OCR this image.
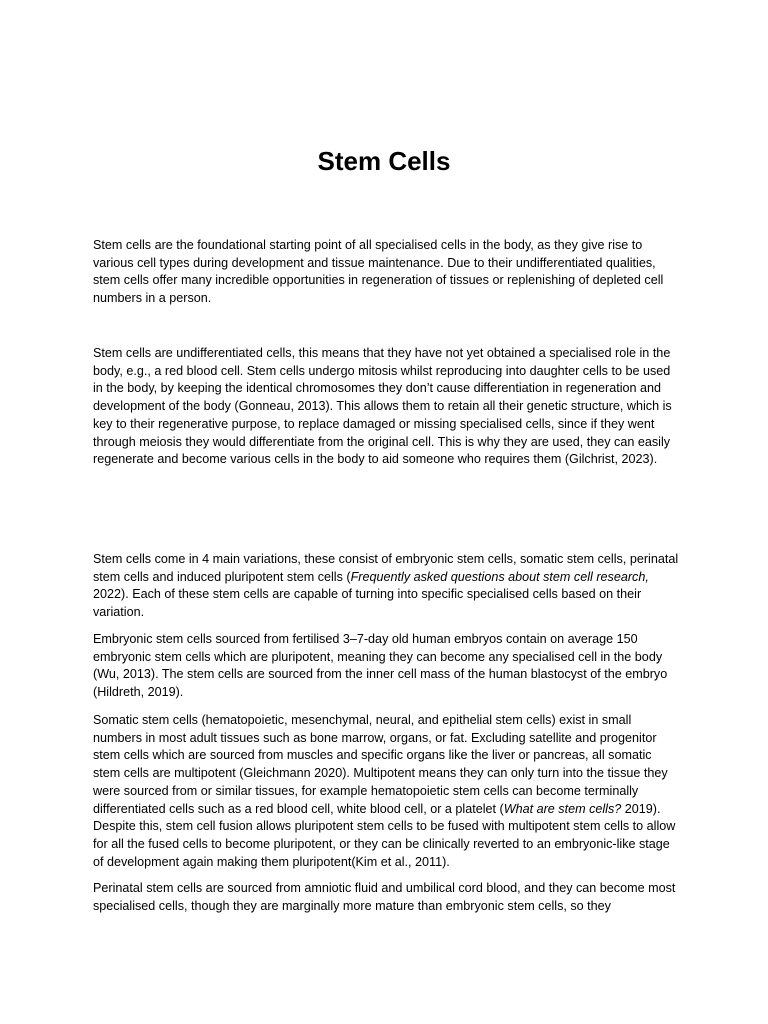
Stem Cells

Stem cells are the foundational starting point of all specialised cells in the body, as they give rise to various cell types during development and tissue maintenance. Due to their undifferentiated qualities, stem cells offer many incredible opportunities in regeneration of tissues or replenishing of depleted cell numbers in a person.

Stem cells are undifferentiated cells, this means that they have not yet obtained a specialised role in the body, e.g., a red blood cell. Stem cells undergo mitosis whilst reproducing into daughter cells to be used in the body, by keeping the identical chromosomes they don’t cause differentiation in regeneration and development of the body (Gonneau, 2013). This allows them to retain all their genetic structure, which is key to their regenerative purpose, to replace damaged or missing specialised cells, since if they went through meiosis they would differentiate from the original cell. This is why they are used, they can easily regenerate and become various cells in the body to aid someone who requires them (Gilchrist, 2023).

Stem cells come in 4 main variations, these consist of embryonic stem cells, somatic stem cells, perinatal stem cells and induced pluripotent stem cells (Frequently asked questions about stem cell research, 2022). Each of these stem cells are capable of turning into specific specialised cells based on their variation.

Embryonic stem cells sourced from fertilised 3–7-day old human embryos contain on average 150 embryonic stem cells which are pluripotent, meaning they can become any specialised cell in the body (Wu, 2013). The stem cells are sourced from the inner cell mass of the human blastocyst of the embryo (Hildreth, 2019).

Somatic stem cells (hematopoietic, mesenchymal, neural, and epithelial stem cells) exist in small numbers in most adult tissues such as bone marrow, organs, or fat. Excluding satellite and progenitor stem cells which are sourced from muscles and specific organs like the liver or pancreas, all somatic stem cells are multipotent (Gleichmann 2020). Multipotent means they can only turn into the tissue they were sourced from or similar tissues, for example hematopoietic stem cells can become terminally differentiated cells such as a red blood cell, white blood cell, or a platelet (What are stem cells? 2019). Despite this, stem cell fusion allows pluripotent stem cells to be fused with multipotent stem cells to allow for all the fused cells to become pluripotent, or they can be clinically reverted to an embryonic-like stage of development again making them pluripotent(Kim et al., 2011).

Perinatal stem cells are sourced from amniotic fluid and umbilical cord blood, and they can become most specialised cells, though they are marginally more mature than embryonic stem cells, so they
